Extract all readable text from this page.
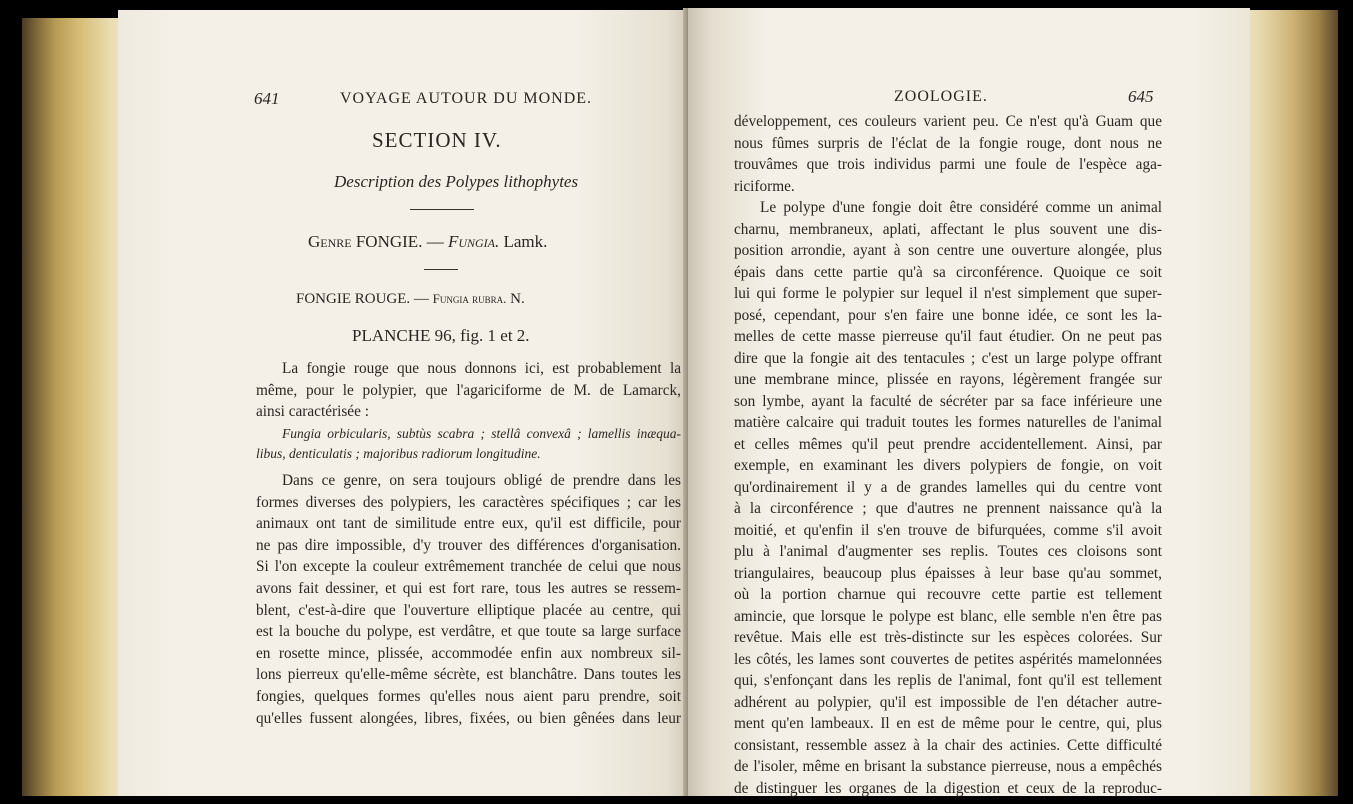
641	VOYAGE AUTOUR DU MONDE.
SECTION IV.
Description des Polypes lithophytes
Genre FONGIE. — Fungia. Lamk.
FONGIE ROUGE. — Fungia rubra. N.
PLANCHE 96, fig. 1 et 2.
La fongie rouge que nous donnons ici, est probablement la
même, pour le polypier, que l'agariciforme de M. de Lamarck,
ainsi caractérisée :
Fungia orbicularis, subtùs scabra ; stellâ convexâ ; lamellis inæqua-
libus, denticulatis ; majoribus radiorum longitudine.
Dans ce genre, on sera toujours obligé de prendre dans les
formes diverses des polypiers, les caractères spécifiques ; car les
animaux ont tant de similitude entre eux, qu'il est difficile, pour
ne pas dire impossible, d'y trouver des différences d'organisation.
Si l'on excepte la couleur extrêmement tranchée de celui que nous
avons fait dessiner, et qui est fort rare, tous les autres se ressem-
blent, c'est-à-dire que l'ouverture elliptique placée au centre, qui
est la bouche du polype, est verdâtre, et que toute sa large surface
en rosette mince, plissée, accommodée enfin aux nombreux sil-
lons pierreux qu'elle-même sécrète, est blanchâtre. Dans toutes les
fongies, quelques formes qu'elles nous aient paru prendre, soit
qu'elles fussent alongées, libres, fixées, ou bien gênées dans leur
ZOOLOGIE.	645
développement, ces couleurs varient peu. Ce n'est qu'à Guam que
nous fûmes surpris de l'éclat de la fongie rouge, dont nous ne
trouvâmes que trois individus parmi une foule de l'espèce aga-
riciforme.
Le polype d'une fongie doit être considéré comme un animal
charnu, membraneux, aplati, affectant le plus souvent une dis-
position arrondie, ayant à son centre une ouverture alongée, plus
épais dans cette partie qu'à sa circonférence. Quoique ce soit
lui qui forme le polypier sur lequel il n'est simplement que super-
posé, cependant, pour s'en faire une bonne idée, ce sont les la-
melles de cette masse pierreuse qu'il faut étudier. On ne peut pas
dire que la fongie ait des tentacules ; c'est un large polype offrant
une membrane mince, plissée en rayons, légèrement frangée sur
son lymbe, ayant la faculté de sécréter par sa face inférieure une
matière calcaire qui traduit toutes les formes naturelles de l'animal
et celles mêmes qu'il peut prendre accidentellement. Ainsi, par
exemple, en examinant les divers polypiers de fongie, on voit
qu'ordinairement il y a de grandes lamelles qui du centre vont
à la circonférence ; que d'autres ne prennent naissance qu'à la
moitié, et qu'enfin il s'en trouve de bifurquées, comme s'il avoit
plu à l'animal d'augmenter ses replis. Toutes ces cloisons sont
triangulaires, beaucoup plus épaisses à leur base qu'au sommet,
où la portion charnue qui recouvre cette partie est tellement
amincie, que lorsque le polype est blanc, elle semble n'en être pas
revêtue. Mais elle est très-distincte sur les espèces colorées. Sur
les côtés, les lames sont couvertes de petites aspérités mamelonnées
qui, s'enfonçant dans les replis de l'animal, font qu'il est tellement
adhérent au polypier, qu'il est impossible de l'en détacher autre-
ment qu'en lambeaux. Il en est de même pour le centre, qui, plus
consistant, ressemble assez à la chair des actinies. Cette difficulté
de l'isoler, même en brisant la substance pierreuse, nous a empêchés
de distinguer les organes de la digestion et ceux de la reproduc-
